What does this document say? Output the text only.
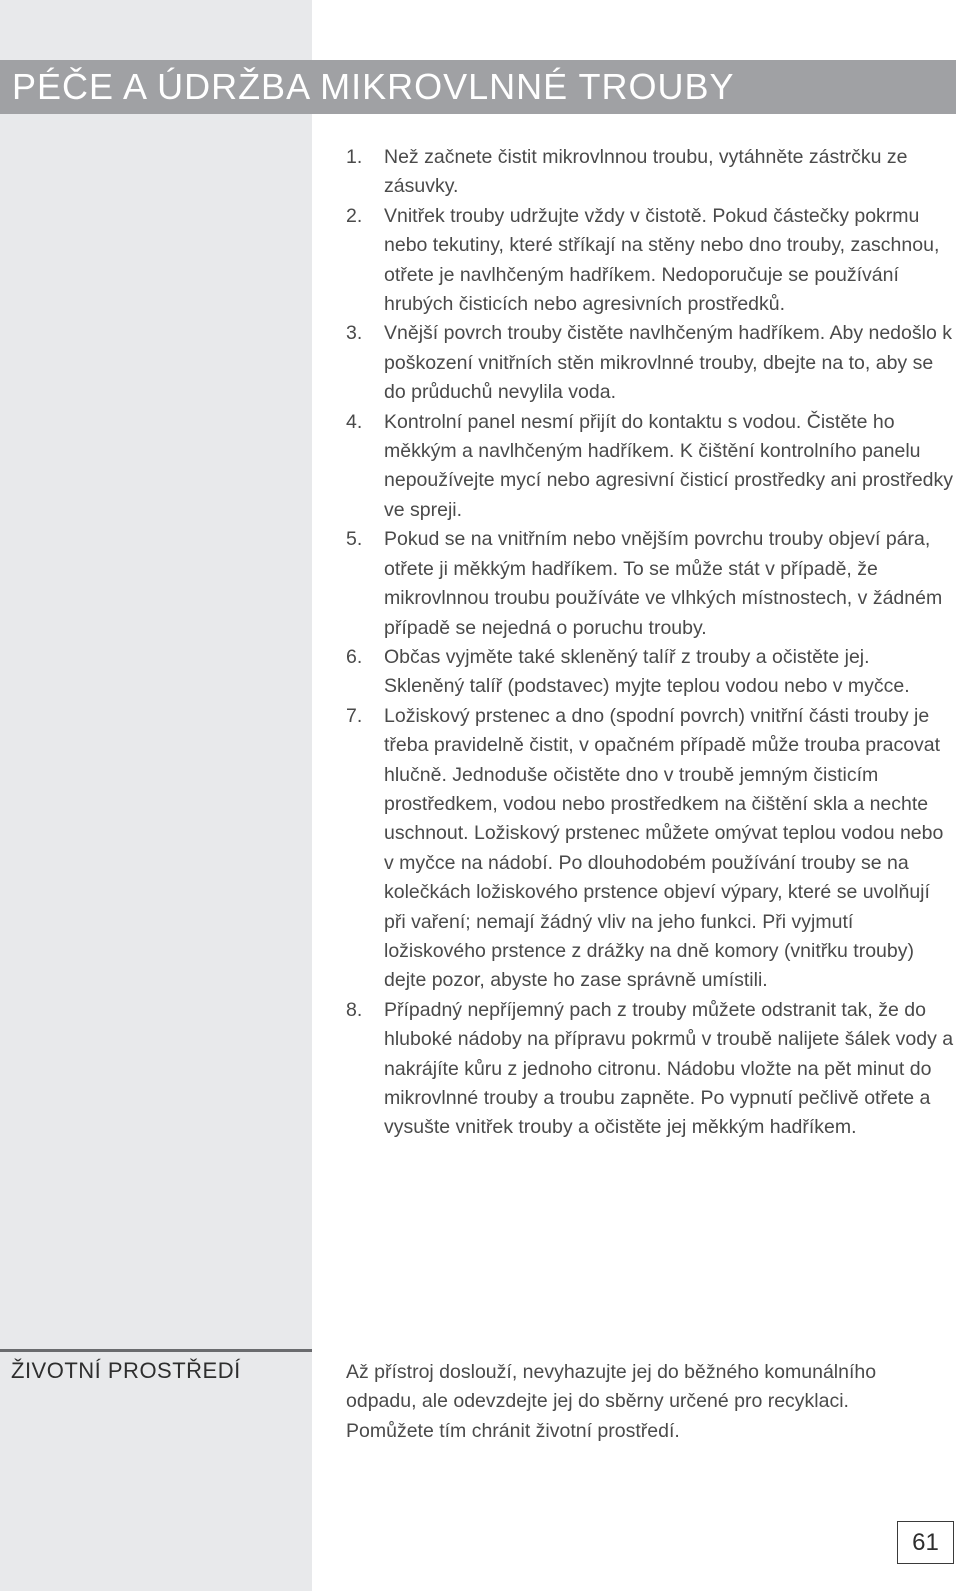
PÉČE A ÚDRŽBA MIKROVLNNÉ TROUBY
1. Než začnete čistit mikrovlnnou troubu, vytáhněte zástrčku ze zásuvky.
2. Vnitřek trouby udržujte vždy v čistotě. Pokud částečky pokrmu nebo tekutiny, které stříkají na stěny nebo dno trouby, zaschnou, otřete je navlhčeným hadříkem. Nedoporučuje se používání hrubých čisticích nebo agresivních prostředků.
3. Vnější povrch trouby čistěte navlhčeným hadříkem. Aby nedošlo k poškození vnitřních stěn mikrovlnné trouby, dbejte na to, aby se do průduchů nevylila voda.
4. Kontrolní panel nesmí přijít do kontaktu s vodou. Čistěte ho měkkým a navlhčeným hadříkem. K čištění kontrolního panelu nepoužívejte mycí nebo agresivní čisticí prostředky ani prostředky ve spreji.
5. Pokud se na vnitřním nebo vnějším povrchu trouby objeví pára, otřete ji měkkým hadříkem. To se může stát v případě, že mikrovlnnou troubu používáte ve vlhkých místnostech, v žádném případě se nejedná o poruchu trouby.
6. Občas vyjměte také skleněný talíř z trouby a očistěte jej. Skleněný talíř (podstavec) myjte teplou vodou nebo v myčce.
7. Ložiskový prstenec a dno (spodní povrch) vnitřní části trouby je třeba pravidelně čistit, v opačném případě může trouba pracovat hlučně. Jednoduše očistěte dno v troubě jemným čisticím prostředkem, vodou nebo prostředkem na čištění skla a nechte uschnout. Ložiskový prstenec můžete omývat teplou vodou nebo v myčce na nádobí. Po dlouhodobém používání trouby se na kolečkách ložiskového prstence objeví výpary, které se uvolňují při vaření; nemají žádný vliv na jeho funkci. Při vyjmutí ložiskového prstence z drážky na dně komory (vnitřku trouby) dejte pozor, abyste ho zase správně umístili.
8. Případný nepříjemný pach z trouby můžete odstranit tak, že do hluboké nádoby na přípravu pokrmů v troubě nalijete šálek vody a nakrájíte kůru z jednoho citronu. Nádobu vložte na pět minut do mikrovlnné trouby a troubu zapněte. Po vypnutí pečlivě otřete a vysušte vnitřek trouby a očistěte jej měkkým hadříkem.
ŽIVOTNÍ PROSTŘEDÍ	Až přístroj doslouží, nevyhazujte jej do běžného komunálního odpadu, ale odevzdejte jej do sběrny určené pro recyklaci. Pomůžete tím chránit životní prostředí.

61
